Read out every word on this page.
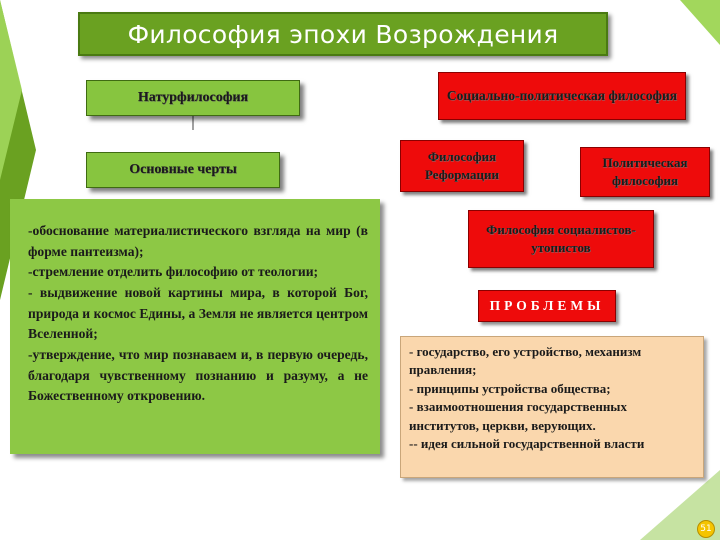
Философия эпохи Возрождения
Натурфилософия
Основные черты
-обоснование материалистического взгляда на мир (в форме пантеизма);
-стремление отделить философию от теологии;
- выдвижение новой картины мира, в которой Бог, природа и космос Едины, а Земля не является центром Вселенной;
-утверждение, что мир познаваем и, в первую очередь, благодаря чувственному познанию и разуму, а не Божественному откровению.
Социально-политическая философия
Философия Реформации
Политическая философия
Философия социалистов-утопистов
ПРОБЛЕМЫ
- государство, его устройство, механизм правления;
- принципы устройства общества;
- взаимоотношения государственных институтов, церкви, верующих.
-- идея сильной государственной власти
51
